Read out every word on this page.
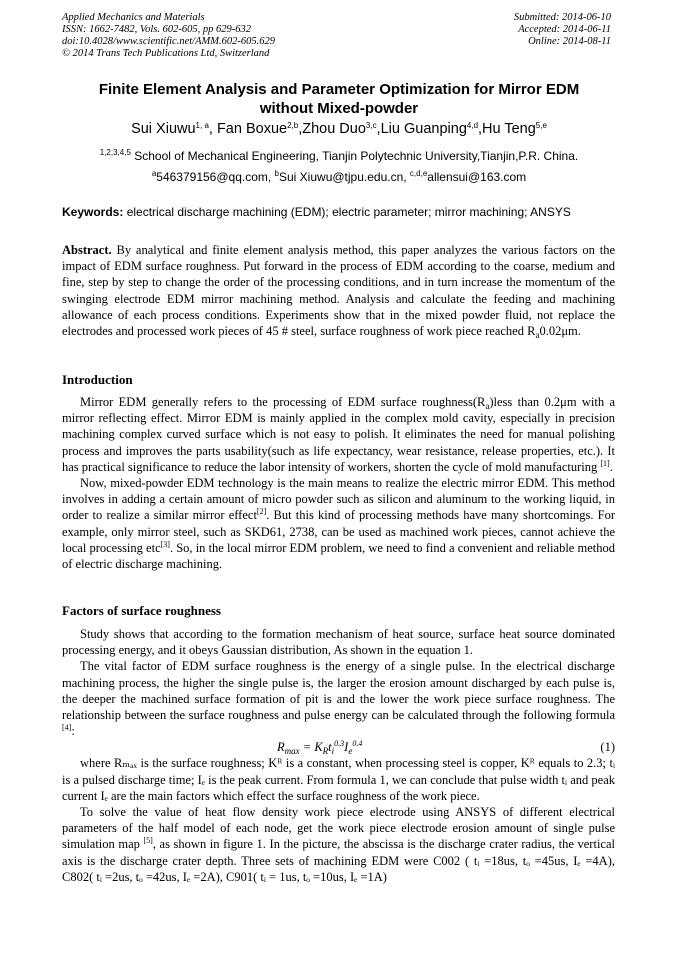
Applied Mechanics and Materials
ISSN: 1662-7482, Vols. 602-605, pp 629-632
doi:10.4028/www.scientific.net/AMM.602-605.629
© 2014 Trans Tech Publications Ltd, Switzerland
Submitted: 2014-06-10
Accepted: 2014-06-11
Online: 2014-08-11
Finite Element Analysis and Parameter Optimization for Mirror EDM
without Mixed-powder
Sui Xiuwu$^{1, a}$, Fan Boxue$^{2,b}$,Zhou Duo$^{3,c}$,Liu Guanping$^{4,d}$,Hu Teng$^{5,e}$
$^{1,2,3,4,5}$ School of Mechanical Engineering, Tianjin Polytechnic University,Tianjin,P.R. China.
$^a$546379156@qq.com, $^b$Sui Xiuwu@tjpu.edu.cn, $^{c,d,e}$allensui@163.com
Keywords: electrical discharge machining (EDM); electric parameter; mirror machining; ANSYS

Abstract. By analytical and finite element analysis method, this paper analyzes the various factors on the impact of EDM surface roughness. Put forward in the process of EDM according to the coarse, medium and fine, step by step to change the order of the processing conditions, and in turn increase the momentum of the swinging electrode EDM mirror machining method. Analysis and calculate the feeding and machining allowance of each process conditions. Experiments show that in the mixed powder fluid, not replace the electrodes and processed work pieces of 45 # steel, surface roughness of work piece reached $R_a0.02\mu m$.

Introduction

Mirror EDM generally refers to the processing of EDM surface $roughness(R_a)less$ than 0.2μm with a mirror reflecting effect. Mirror EDM is mainly applied in the complex mold cavity, especially in precision machining complex curved surface which is not easy to polish. It eliminates the need for manual polishing process and improves the parts usability(such as life expectancy, wear resistance, release properties, etc.). It has practical significance to reduce the labor intensity of workers, shorten the cycle of mold manufacturing [1].

Now, mixed-powder EDM technology is the main means to realize the electric mirror EDM. This method involves in adding a certain amount of micro powder such as silicon and aluminum to the working liquid, in order to realize a similar mirror effect[2]. But this kind of processing methods have many shortcomings. For example, only mirror steel, such as SKD61, 2738, can be used as machined work pieces, cannot achieve the local processing etc[3]. So, in the local mirror EDM problem, we need to find a convenient and reliable method of electric discharge machining.

Factors of surface roughness

Study shows that according to the formation mechanism of heat source, surface heat source dominated processing energy, and it obeys Gaussian distribution, As shown in the equation 1.

The vital factor of EDM surface roughness is the energy of a single pulse. In the electrical discharge machining process, the higher the single pulse is, the larger the erosion amount discharged by each pulse is, the deeper the machined surface formation of pit is and the lower the work piece surface roughness. The relationship between the surface roughness and pulse energy can be calculated through the following formula [4]:

$R_{max} = K_Rt_i^{0.3}I_e^{0.4}$	(1)

where Rₘₐₓ is the surface roughness; Kᴿ is a constant, when processing steel is copper, Kᴿ equals to 2.3; tᵢ is a pulsed discharge time; Iₑ is the peak current. From formula 1, we can conclude that pulse width tᵢ and peak current Iₑ are the main factors which effect the surface roughness of the work piece.

To solve the value of heat flow density work piece electrode using ANSYS of different electrical parameters of the half model of each node, get the work piece electrode erosion amount of single pulse simulation map [5], as shown in figure 1. In the picture, the abscissa is the discharge crater radius, the vertical axis is the discharge crater depth. Three sets of machining EDM were C002 ( tᵢ =18us, tₒ =45us, Iₑ =4A), C802( tᵢ =2us, tₒ =42us, Iₑ =2A), C901( tᵢ = 1us, tₒ =10us, Iₑ =1A)
